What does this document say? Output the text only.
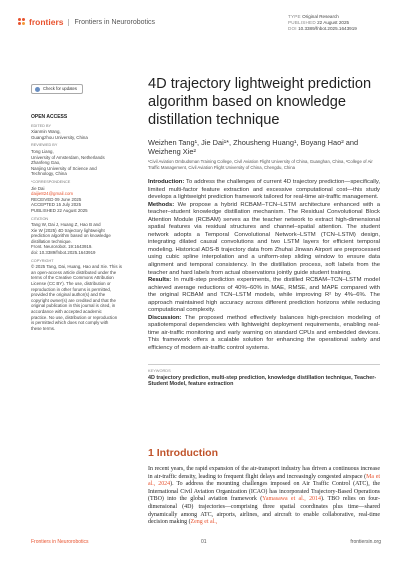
frontiers	Frontiers in Neurorobotics
TYPE Original Research
PUBLISHED 22 August 2025
DOI 10.3389/fnbot.2025.1643919
Check for updates
OPEN ACCESS
EDITED BY
Xianmin Wang,
Guangzhou University, China
REVIEWED BY
Tong Liang,
University of Amsterdam, Netherlands
Zhanfeng Gao,
Nanjing University of Science and
Technology, China
*CORRESPONDENCE
Jie Dai
daijie824@gmail.com
RECEIVED 09 June 2025
ACCEPTED 15 July 2025
PUBLISHED 22 August 2025
CITATION
Tang W, Dai J, Huang Z, Hao B and
Xie W (2025) 4D trajectory lightweight
prediction algorithm based on knowledge
distillation technique.
Front. Neurorobot. 19:1643919.
doi: 10.3389/fnbot.2025.1643919
COPYRIGHT
© 2025 Tang, Dai, Huang, Hao and Xie. This is
an open-access article distributed under the
terms of the Creative Commons Attribution
License (CC BY). The use, distribution or
reproduction in other forums is permitted,
provided the original author(s) and the
copyright owner(s) are credited and that the
original publication in this journal is cited, in
accordance with accepted academic
practice. No use, distribution or reproduction
is permitted which does not comply with
these terms.
4D trajectory lightweight prediction algorithm based on knowledge distillation technique
Weizhen Tang¹, Jie Dai¹*, Zhousheng Huang¹, Boyang Hao² and Weizheng Xie²
¹Civil Aviation Ombudsman Training College, Civil Aviation Flight University of China, Guanghan, China, ²College of Air Traffic Management, Civil Aviation Flight University of China, Chengdu, China

Introduction: To address the challenges of current 4D trajectory prediction—specifically, limited multi-factor feature extraction and excessive computational cost—this study develops a lightweight prediction framework tailored for real-time air-traffic management.

Methods: We propose a hybrid RCBAM–TCN–LSTM architecture enhanced with a teacher–student knowledge distillation mechanism. The Residual Convolutional Block Attention Module (RCBAM) serves as the teacher network to extract high-dimensional spatial features via residual structures and channel–spatial attention. The student network adopts a Temporal Convolutional Network–LSTM (TCN–LSTM) design, integrating dilated causal convolutions and two LSTM layers for efficient temporal modeling. Historical ADS-B trajectory data from Zhuhai Jinwan Airport are preprocessed using cubic spline interpolation and a uniform-step sliding window to ensure data alignment and temporal consistency. In the distillation process, soft labels from the teacher and hard labels from actual observations jointly guide student training.

Results: In multi-step prediction experiments, the distilled RCBAM–TCN–LSTM model achieved average reductions of 40%–60% in MAE, RMSE, and MAPE compared with the original RCBAM and TCN–LSTM models, while improving R² by 4%–6%. The approach maintained high accuracy across different prediction horizons while reducing computational complexity.

Discussion: The proposed method effectively balances high-precision modeling of spatiotemporal dependencies with lightweight deployment requirements, enabling real-time air-traffic monitoring and early warning on standard CPUs and embedded devices. This framework offers a scalable solution for enhancing the operational safety and efficiency of modern air-traffic control systems.

KEYWORDS
4D trajectory prediction, multi-step prediction, knowledge distillation technique, Teacher-Student Model, feature extraction
1 Introduction
In recent years, the rapid expansion of the air-transport industry has driven a continuous increase in air-traffic density, leading to frequent flight delays and increasingly congested airspace (Ma et al., 2024). To address the mounting challenges imposed on Air Traffic Control (ATC), the International Civil Aviation Organization (ICAO) has incorporated Trajectory-Based Operations (TBO) into the global aviation framework (Yamasawa et al., 2014). TBO relies on four-dimensional (4D) trajectories—comprising three spatial coordinates plus time—shared dynamically among ATC, airports, airlines, and aircraft to enable collaborative, real-time decision making (Zeng et al.,
Frontiers in Neurorobotics	01	frontiersin.org
